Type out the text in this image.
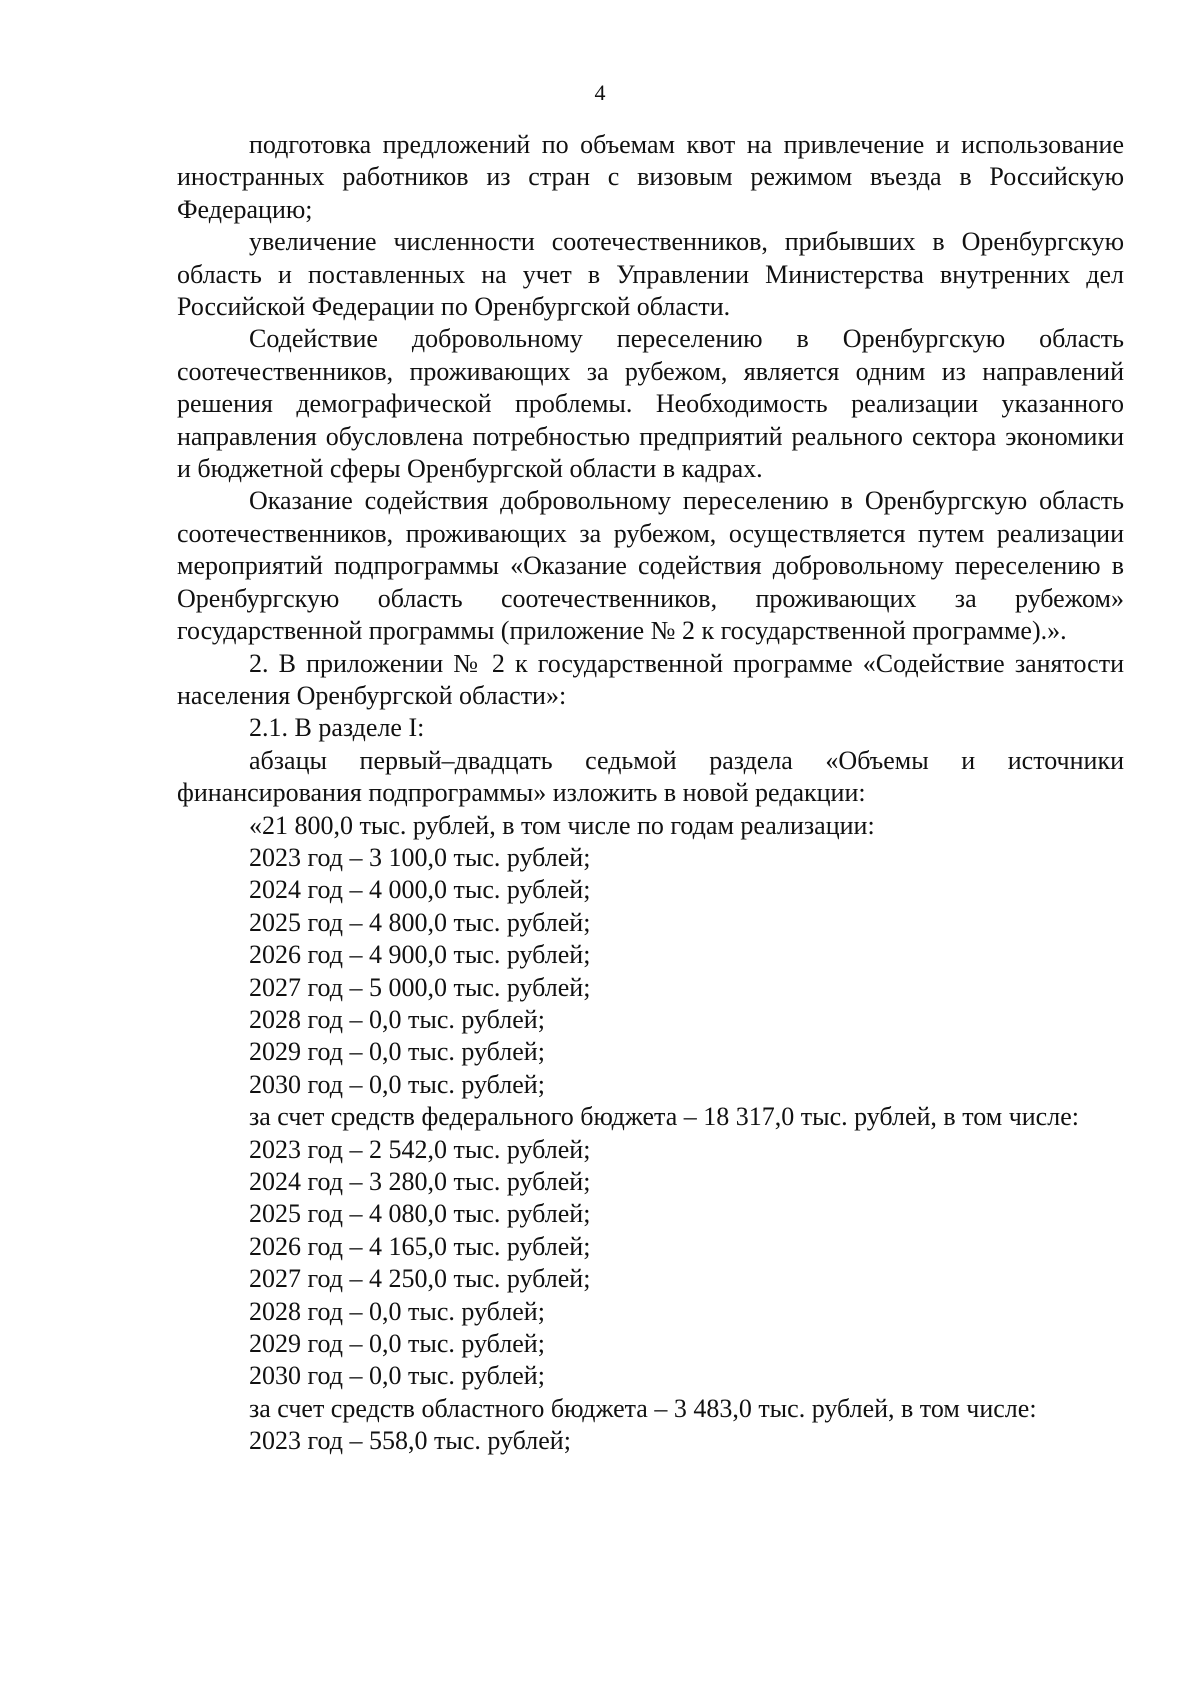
4

подготовка предложений по объемам квот на привлечение и использование иностранных работников из стран с визовым режимом въезда в Российскую Федерацию;

увеличение численности соотечественников, прибывших в Оренбургскую область и поставленных на учет в Управлении Министерства внутренних дел Российской Федерации по Оренбургской области.

Содействие добровольному переселению в Оренбургскую область соотечественников, проживающих за рубежом, является одним из направлений решения демографической проблемы. Необходимость реализации указанного направления обусловлена потребностью предприятий реального сектора экономики и бюджетной сферы Оренбургской области в кадрах.

Оказание содействия добровольному переселению в Оренбургскую область соотечественников, проживающих за рубежом, осуществляется путем реализации мероприятий подпрограммы «Оказание содействия добровольному переселению в Оренбургскую область соотечественников, проживающих за рубежом» государственной программы (приложение № 2 к государственной программе).».

2. В приложении № 2 к государственной программе «Содействие занятости населения Оренбургской области»:

2.1. В разделе I:

абзацы первый–двадцать седьмой раздела «Объемы и источники финансирования подпрограммы» изложить в новой редакции:

«21 800,0 тыс. рублей, в том числе по годам реализации:

2023 год – 3 100,0 тыс. рублей;

2024 год – 4 000,0 тыс. рублей;

2025 год – 4 800,0 тыс. рублей;

2026 год – 4 900,0 тыс. рублей;

2027 год – 5 000,0 тыс. рублей;

2028 год – 0,0 тыс. рублей;

2029 год – 0,0 тыс. рублей;

2030 год – 0,0 тыс. рублей;

за счет средств федерального бюджета – 18 317,0 тыс. рублей, в том числе:

2023 год – 2 542,0 тыс. рублей;

2024 год – 3 280,0 тыс. рублей;

2025 год – 4 080,0 тыс. рублей;

2026 год – 4 165,0 тыс. рублей;

2027 год – 4 250,0 тыс. рублей;

2028 год – 0,0 тыс. рублей;

2029 год – 0,0 тыс. рублей;

2030 год – 0,0 тыс. рублей;

за счет средств областного бюджета – 3 483,0 тыс. рублей, в том числе:

2023 год – 558,0 тыс. рублей;
